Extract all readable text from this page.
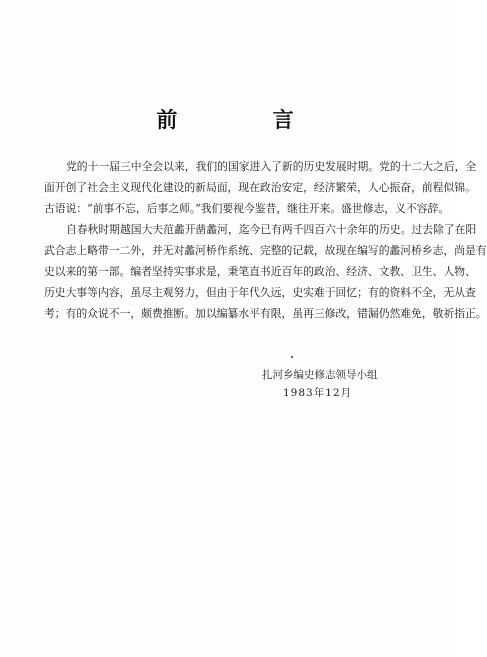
前 言
党的十一届三中全会以来，我们的国家进入了新的历史发展时期。党的十二大之后，全
面开创了社会主义现代化建设的新局面，现在政治安定，经济繁荣，人心振奋，前程似锦。
古语说：“前事不忘，后事之师。”我们要视今鉴昔，继往开来。盛世修志，义不容辞。
自春秋时期越国大夫范蠡开凿蠡河，迄今已有两千四百六十余年的历史。过去除了在阳
武合志上略带一二外，并无对蠡河桥作系统、完整的记载，故现在编写的蠡河桥乡志，尚是有
史以来的第一部。编者坚持实事求是，秉笔直书近百年的政治、经济、文教、卫生、人物、
历史大事等内容，虽尽主观努力，但由于年代久远，史实难于回忆；有的资料不全，无从查
考；有的众说不一，颇费推断。加以编纂水平有限，虽再三修改，错漏仍然难免，敬祈指正。
扎河乡编史修志领导小组
1983年12月
